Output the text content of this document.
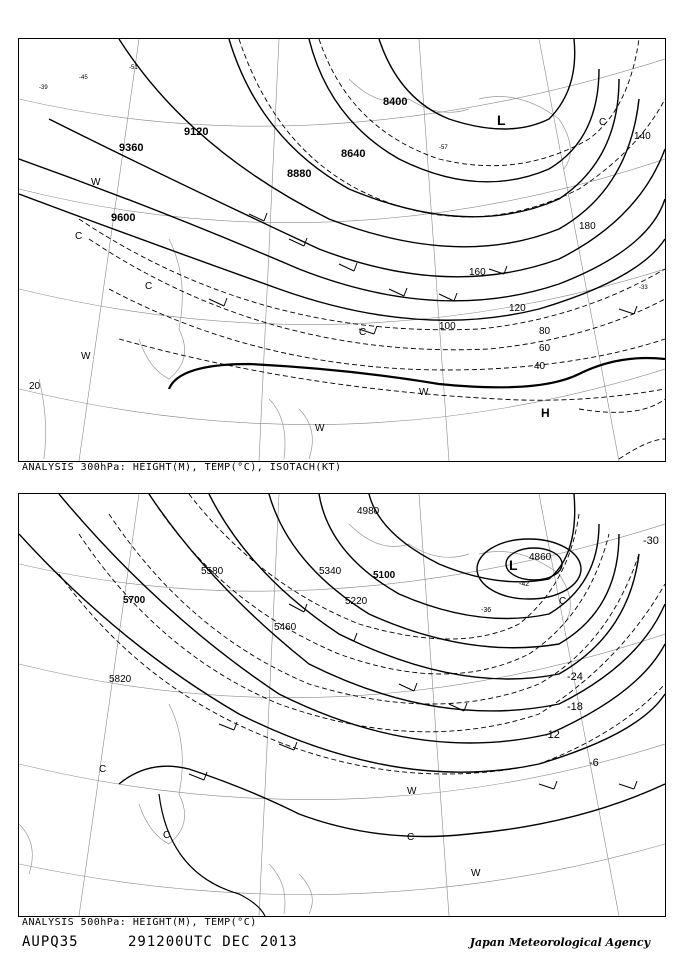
9600
9360
9120
8880
8640
8400
20
40
60
80
100
120
140
160
180
-39
-45
-51
-57
-33
L
H
W
W
W
W
C
C
C
C
ANALYSIS 300hPa: HEIGHT(M), TEMP(°C), ISOTACH(KT)
5820
5700
5580
5460
5340
5220
5100
4980
4860
-6
-12
-18
-24
-30
-36
-42
L
W
W
C
C	C
C
ANALYSIS 500hPa: HEIGHT(M), TEMP(°C)
AUPQ35	291200UTC DEC 2013	Japan Meteorological Agency
